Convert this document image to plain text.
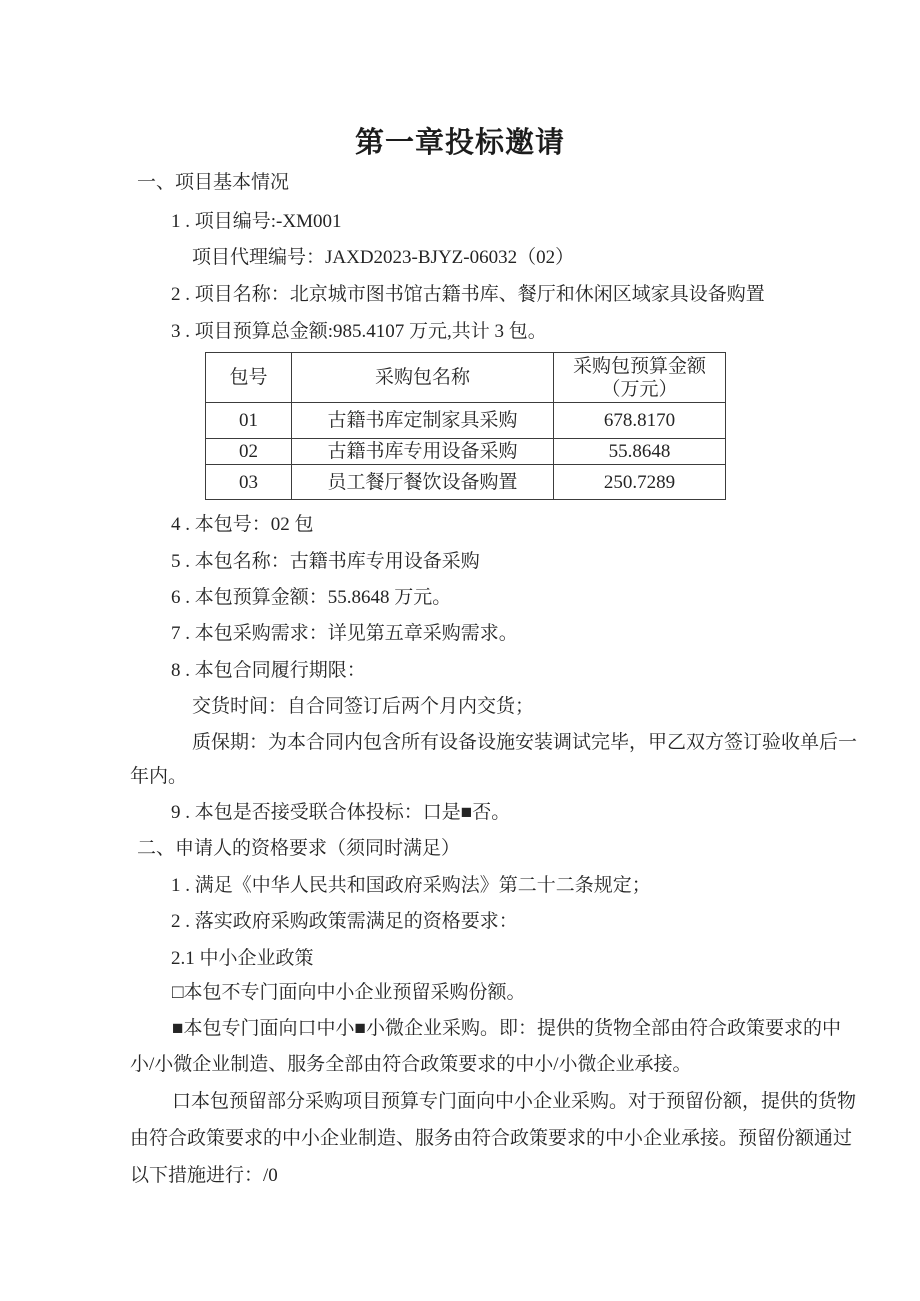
第一章投标邀请
一、项目基本情况
1 . 项目编号:-XM001
项目代理编号：JAXD2023-BJYZ-06032（02）
2 . 项目名称：北京城市图书馆古籍书库、餐厅和休闲区域家具设备购置
3 . 项目预算总金额:985.4107 万元,共计 3 包。
包号	采购包名称	采购包预算金额（万元）
01	古籍书库定制家具采购	678.8170
02	古籍书库专用设备采购	55.8648
03	员工餐厅餐饮设备购置	250.7289
4 . 本包号：02 包
5 . 本包名称：古籍书库专用设备采购
6 . 本包预算金额：55.8648 万元。
7 . 本包采购需求：详见第五章采购需求。
8 . 本包合同履行期限：
交货时间：自合同签订后两个月内交货；
质保期：为本合同内包含所有设备设施安装调试完毕，甲乙双方签订验收单后一
年内。
9 . 本包是否接受联合体投标：口是■否。
二、申请人的资格要求（须同时满足）
1 . 满足《中华人民共和国政府采购法》第二十二条规定；
2 . 落实政府采购政策需满足的资格要求：
2.1 中小企业政策
□本包不专门面向中小企业预留采购份额。
■本包专门面向口中小■小微企业采购。即：提供的货物全部由符合政策要求的中
小/小微企业制造、服务全部由符合政策要求的中小/小微企业承接。
口本包预留部分采购项目预算专门面向中小企业采购。对于预留份额，提供的货物
由符合政策要求的中小企业制造、服务由符合政策要求的中小企业承接。预留份额通过
以下措施进行：/0
